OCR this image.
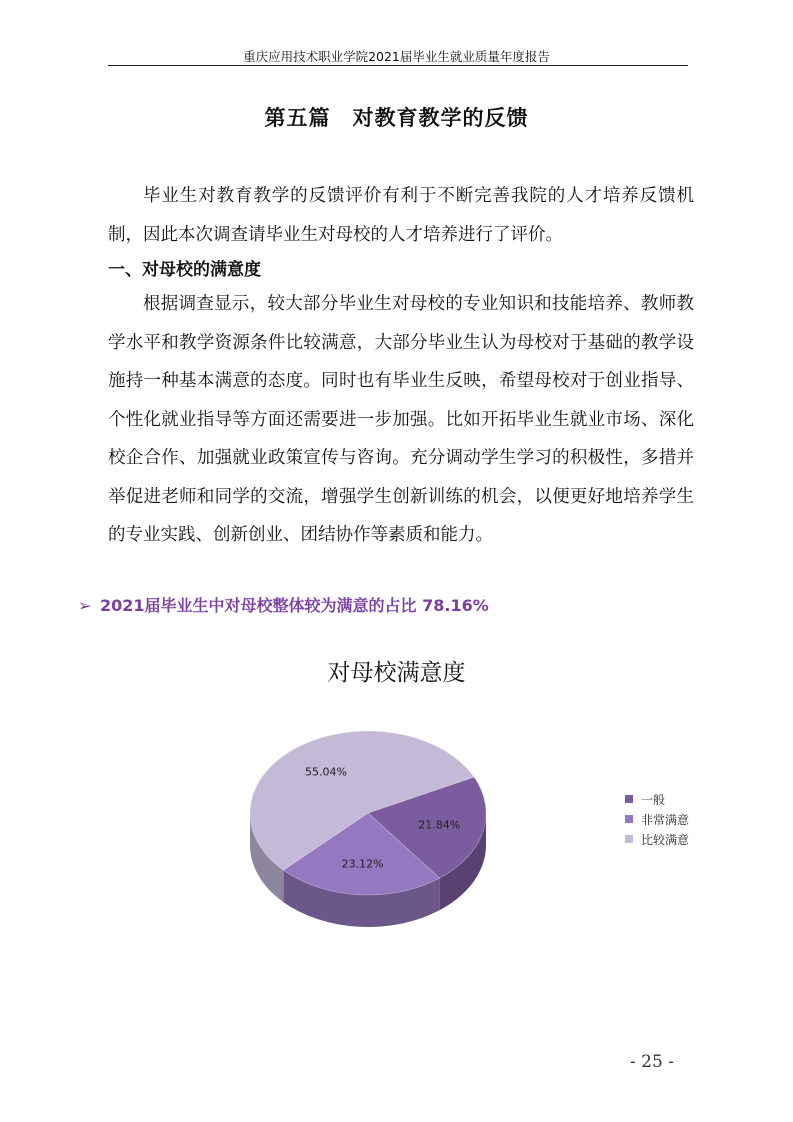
重庆应用技术职业学院2021届毕业生就业质量年度报告
第五篇　对教育教学的反馈

毕业生对教育教学的反馈评价有利于不断完善我院的人才培养反馈机制，因此本次调查请毕业生对母校的人才培养进行了评价。

一、对母校的满意度

根据调查显示，较大部分毕业生对母校的专业知识和技能培养、教师教学水平和教学资源条件比较满意，大部分毕业生认为母校对于基础的教学设施持一种基本满意的态度。同时也有毕业生反映，希望母校对于创业指导、个性化就业指导等方面还需要进一步加强。比如开拓毕业生就业市场、深化校企合作、加强就业政策宣传与咨询。充分调动学生学习的积极性，多措并举促进老师和同学的交流，增强学生创新训练的机会，以便更好地培养学生的专业实践、创新创业、团结协作等素质和能力。

➢ 2021届毕业生中对母校整体较为满意的占比 78.16%
对母校满意度
21.84%
23.12%
55.04%
一般
非常满意
比较满意
- 25 -
